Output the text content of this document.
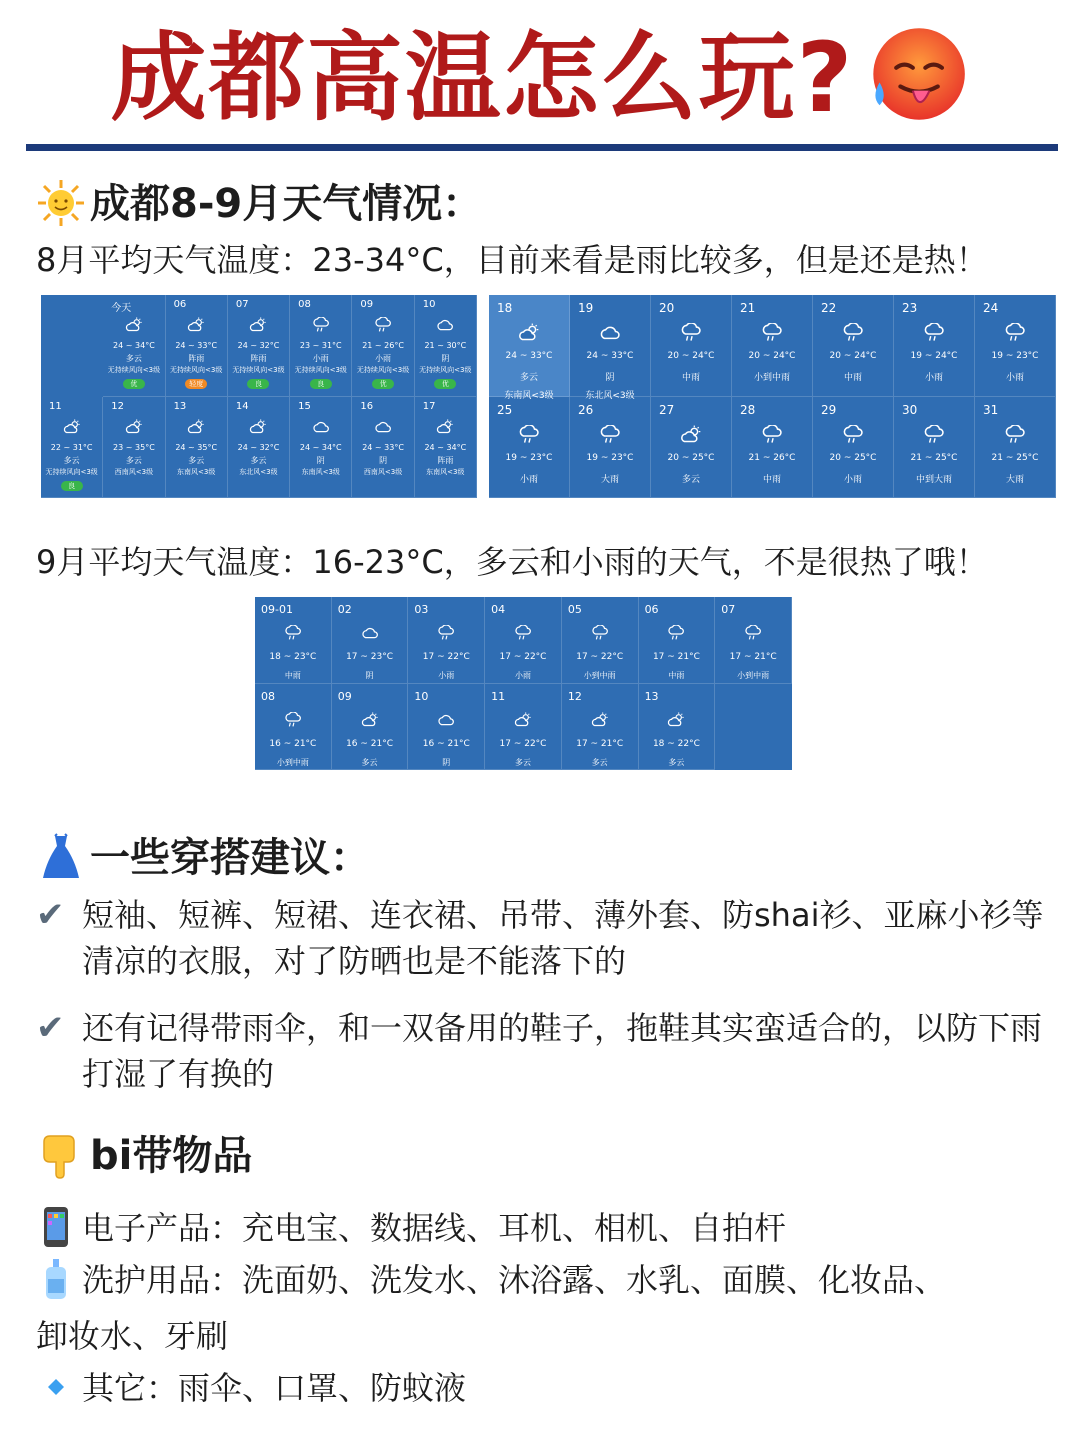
成都高温怎么玩?
成都8-9月天气情况：
8月平均天气温度：23-34°C，目前来看是雨比较多，但是还是热！
今天
24 ~ 34°C
多云
无持续风向<3级
优
06
24 ~ 33°C
阵雨
无持续风向<3级
轻度
07
24 ~ 32°C
阵雨
无持续风向<3级
良
08
23 ~ 31°C
小雨
无持续风向<3级
良
09
21 ~ 26°C
小雨
无持续风向<3级
优
10
21 ~ 30°C
阴
无持续风向<3级
优
11
22 ~ 31°C
多云
无持续风向<3级
良
12
23 ~ 35°C
多云
西南风<3级
13
24 ~ 35°C
多云
东南风<3级
14
24 ~ 32°C
多云
东北风<3级
15
24 ~ 34°C
阴
东南风<3级
16
24 ~ 33°C
阴
西南风<3级
17
24 ~ 34°C
阵雨
东南风<3级
18
24 ~ 33°C
多云
东南风<3级
19
24 ~ 33°C
阴
东北风<3级
20
20 ~ 24°C
中雨
21
20 ~ 24°C
小到中雨
22
20 ~ 24°C
中雨
23
19 ~ 24°C
小雨
24
19 ~ 23°C
小雨
25
19 ~ 23°C
小雨
26
19 ~ 23°C
大雨
27
20 ~ 25°C
多云
28
21 ~ 26°C
中雨
29
20 ~ 25°C
小雨
30
21 ~ 25°C
中到大雨
31
21 ~ 25°C
大雨
9月平均天气温度：16-23°C，多云和小雨的天气，不是很热了哦！
09-01
18 ~ 23°C
中雨
02
17 ~ 23°C
阴
03
17 ~ 22°C
小雨
04
17 ~ 22°C
小雨
05
17 ~ 22°C
小到中雨
06
17 ~ 21°C
中雨
07
17 ~ 21°C
小到中雨
08
16 ~ 21°C
小到中雨
09
16 ~ 21°C
多云
10
16 ~ 21°C
阴
11
17 ~ 22°C
多云
12
17 ~ 21°C
多云
13
18 ~ 22°C
多云
一些穿搭建议：
✔ 短袖、短裤、短裙、连衣裙、吊带、薄外套、防shai衫、亚麻小衫等清凉的衣服，对了防晒也是不能落下的
✔ 还有记得带雨伞，和一双备用的鞋子，拖鞋其实蛮适合的，以防下雨打湿了有换的
bi带物品
电子产品：充电宝、数据线、耳机、相机、自拍杆
洗护用品：洗面奶、洗发水、沐浴露、水乳、面膜、化妆品、
卸妆水、牙刷
其它：雨伞、口罩、防蚊液
